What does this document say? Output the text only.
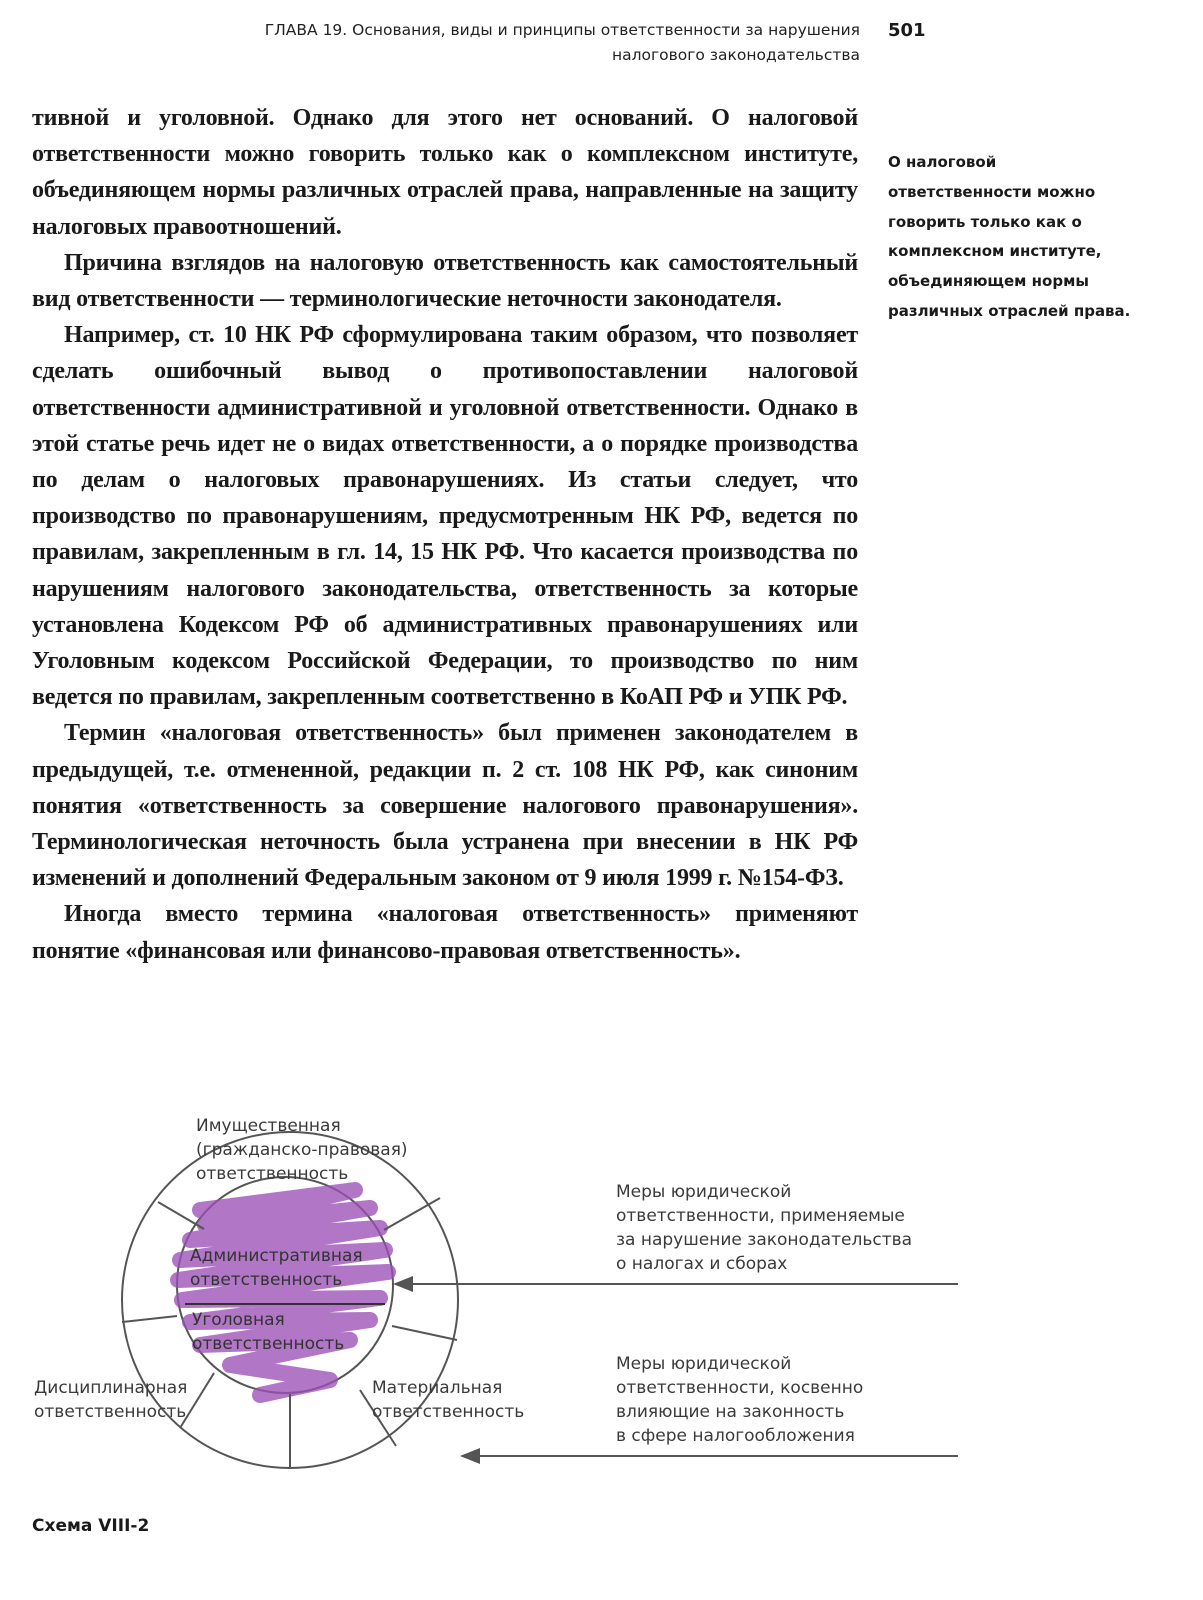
ГЛАВА 19. Основания, виды и принципы ответственности за нарушения
налогового законодательства
501

тивной и уголовной. Однако для этого нет оснований. О налоговой ответственности можно говорить только как о комплексном институте, объединяющем нормы различных отраслей права, направленные на защиту налоговых правоотношений.

Причина взглядов на налоговую ответственность как самостоятельный вид ответственности — терминологические неточности законодателя.

Например, ст. 10 НК РФ сформулирована таким образом, что позволяет сделать ошибочный вывод о противопоставлении налоговой ответственности административной и уголовной ответственности. Однако в этой статье речь идет не о видах ответственности, а о порядке производства по делам о налоговых правонарушениях. Из статьи следует, что производство по правонарушениям, предусмотренным НК РФ, ведется по правилам, закрепленным в гл. 14, 15 НК РФ. Что касается производства по нарушениям налогового законодательства, ответственность за которые установлена Кодексом РФ об административных правонарушениях или Уголовным кодексом Российской Федерации, то производство по ним ведется по правилам, закрепленным соответственно в КоАП РФ и УПК РФ.

Термин «налоговая ответственность» был применен законодателем в предыдущей, т.е. отмененной, редакции п. 2 ст. 108 НК РФ, как синоним понятия «ответственность за совершение налогового правонарушения». Терминологическая неточность была устранена при внесении в НК РФ изменений и дополнений Федеральным законом от 9 июля 1999 г. №154-ФЗ.

Иногда вместо термина «налоговая ответственность» применяют понятие «финансовая или финансово-правовая ответственность».

О налоговой ответственности можно говорить только как о комплексном институте, объединяющем нормы различных отраслей права.
Имущественная
(гражданско-правовая)
ответственность
Административная
ответственность
Уголовная
ответственность
Дисциплинарная
ответственность
Материальная
ответственность
Меры юридической
ответственности, применяемые
за нарушение законодательства
о налогах и сборах
Меры юридической
ответственности, косвенно
влияющие на законность
в сфере налогообложения
Схема VIII-2
